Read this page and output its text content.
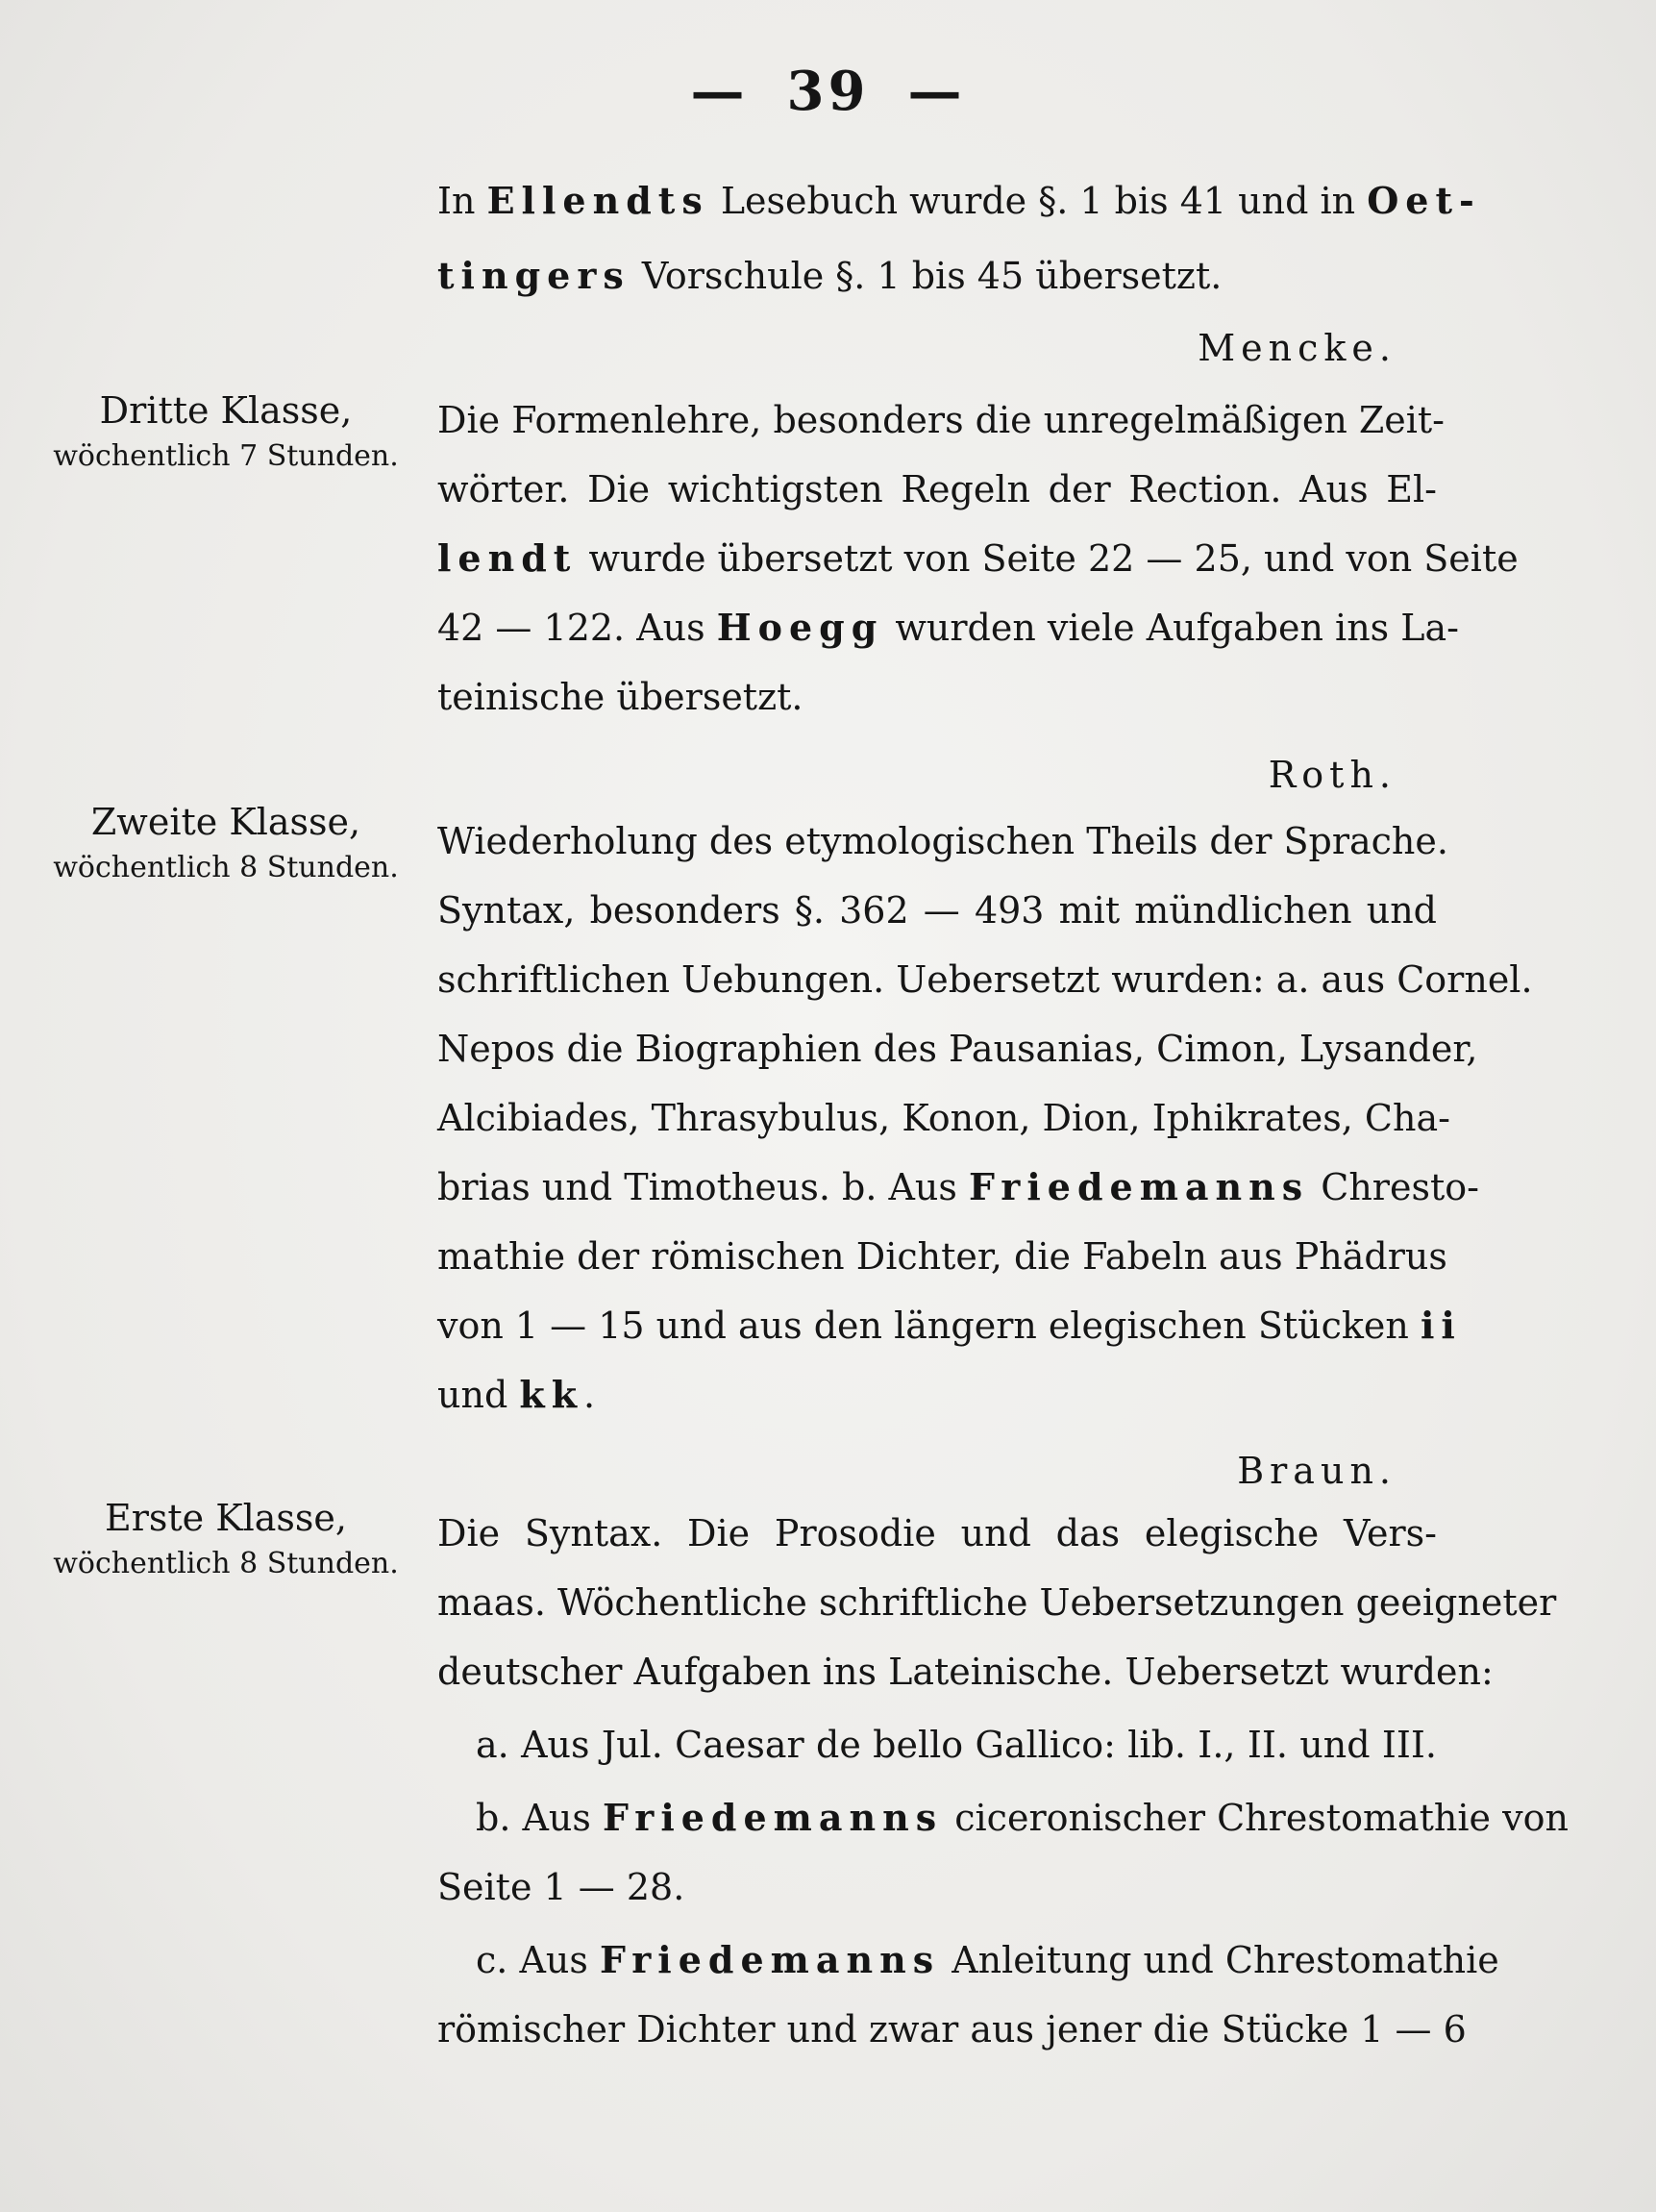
— 39 —
In Ellendts Lesebuch wurde §. 1 bis 41 und in Oet-
tingers Vorschule §. 1 bis 45 übersetzt.
Mencke.
Dritte Klasse,
wöchentlich 7 Stunden.
Die Formenlehre, besonders die unregelmäßigen Zeit-
wörter. Die wichtigsten Regeln der Rection. Aus El-
lendt wurde übersetzt von Seite 22 — 25, und von Seite
42 — 122. Aus Hoegg wurden viele Aufgaben ins La-
teinische übersetzt.
Roth.
Zweite Klasse,
wöchentlich 8 Stunden.
Wiederholung des etymologischen Theils der Sprache.
Syntax, besonders §. 362 — 493 mit mündlichen und
schriftlichen Uebungen. Uebersetzt wurden: a. aus Cornel.
Nepos die Biographien des Pausanias, Cimon, Lysander,
Alcibiades, Thrasybulus, Konon, Dion, Iphikrates, Cha-
brias und Timotheus. b. Aus Friedemanns Chresto-
mathie der römischen Dichter, die Fabeln aus Phädrus
von 1 — 15 und aus den längern elegischen Stücken ii
und kk.
Braun.
Erste Klasse,
wöchentlich 8 Stunden.
Die Syntax. Die Prosodie und das elegische Vers-
maas. Wöchentliche schriftliche Uebersetzungen geeigneter
deutscher Aufgaben ins Lateinische. Uebersetzt wurden:
a. Aus Jul. Caesar de bello Gallico: lib. I., II. und III.
b. Aus Friedemanns ciceronischer Chrestomathie von
Seite 1 — 28.
c. Aus Friedemanns Anleitung und Chrestomathie
römischer Dichter und zwar aus jener die Stücke 1 — 6
